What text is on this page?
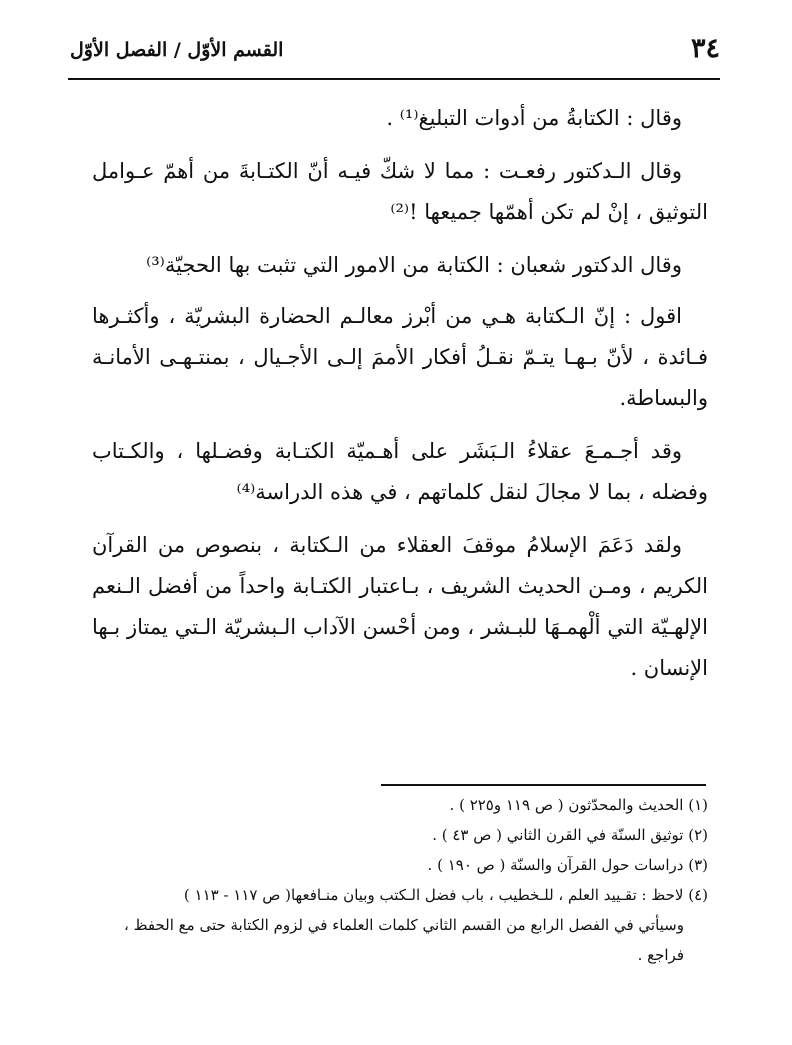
٣٤
القسم الأوّل / الفصل الأوّل

وقال : الكتابةُ من أدوات التبليغ⁽¹⁾ .

وقال الـدكتور رفعـت : مما لا شكّ فيـه أنّ الكتـابةَ من أهمّ عـوامل التوثيق ، إنْ لم تكن أهمّها جميعها !⁽²⁾

وقال الدكتور شعبان : الكتابة من الامور التي تثبت بها الحجيّة⁽³⁾

اقول : إنّ الـكتابة هـي من أبْرز معالـم الحضارة البشريّة ، وأكثـرها فـائدة ، لأنّ بـهـا يتـمّ نقـلُ أفكار الأممَ إلـى الأجـيال ، بمنتـهـى الأمانـة والبساطة.

وقد أجـمـعَ عقلاءُ الـبَشَر على أهـميّة الكتـابة وفضـلها ، والكـتاب وفضله ، بما لا مجالَ لنقل كلماتهم ، في هذه الدراسة⁽⁴⁾

ولقد دَعَمَ الإسلامُ موقفَ العقلاء من الـكتابة ، بنصوص من القرآن الكريم ، ومـن الحديث الشريف ، بـاعتبار الكتـابة واحداً من أفضل الـنعم الإلهـيّة التي ألْهمـهَا للبـشر ، ومن أحْسن الآداب الـبشريّة الـتي يمتاز بـها الإنسان .

(١) الحديث والمحدّثون ( ص ١١٩ و٢٢٥ ) .

(٢) توثيق السنّة في القرن الثاني ( ص ٤٣ ) .

(٣) دراسات حول القرآن والسنّة ( ص ١٩٠ ) .

(٤) لاحظ : تقـييد العلم ، للـخطيب ، باب فضل الـكتب وبيان منـافعها( ص ١١٧ - ١١٣ )

وسيأتي في الفصل الرابع من القسم الثاني كلمات العلماء في لزوم الكتابة حتى مع الحفظ ، فراجع .
